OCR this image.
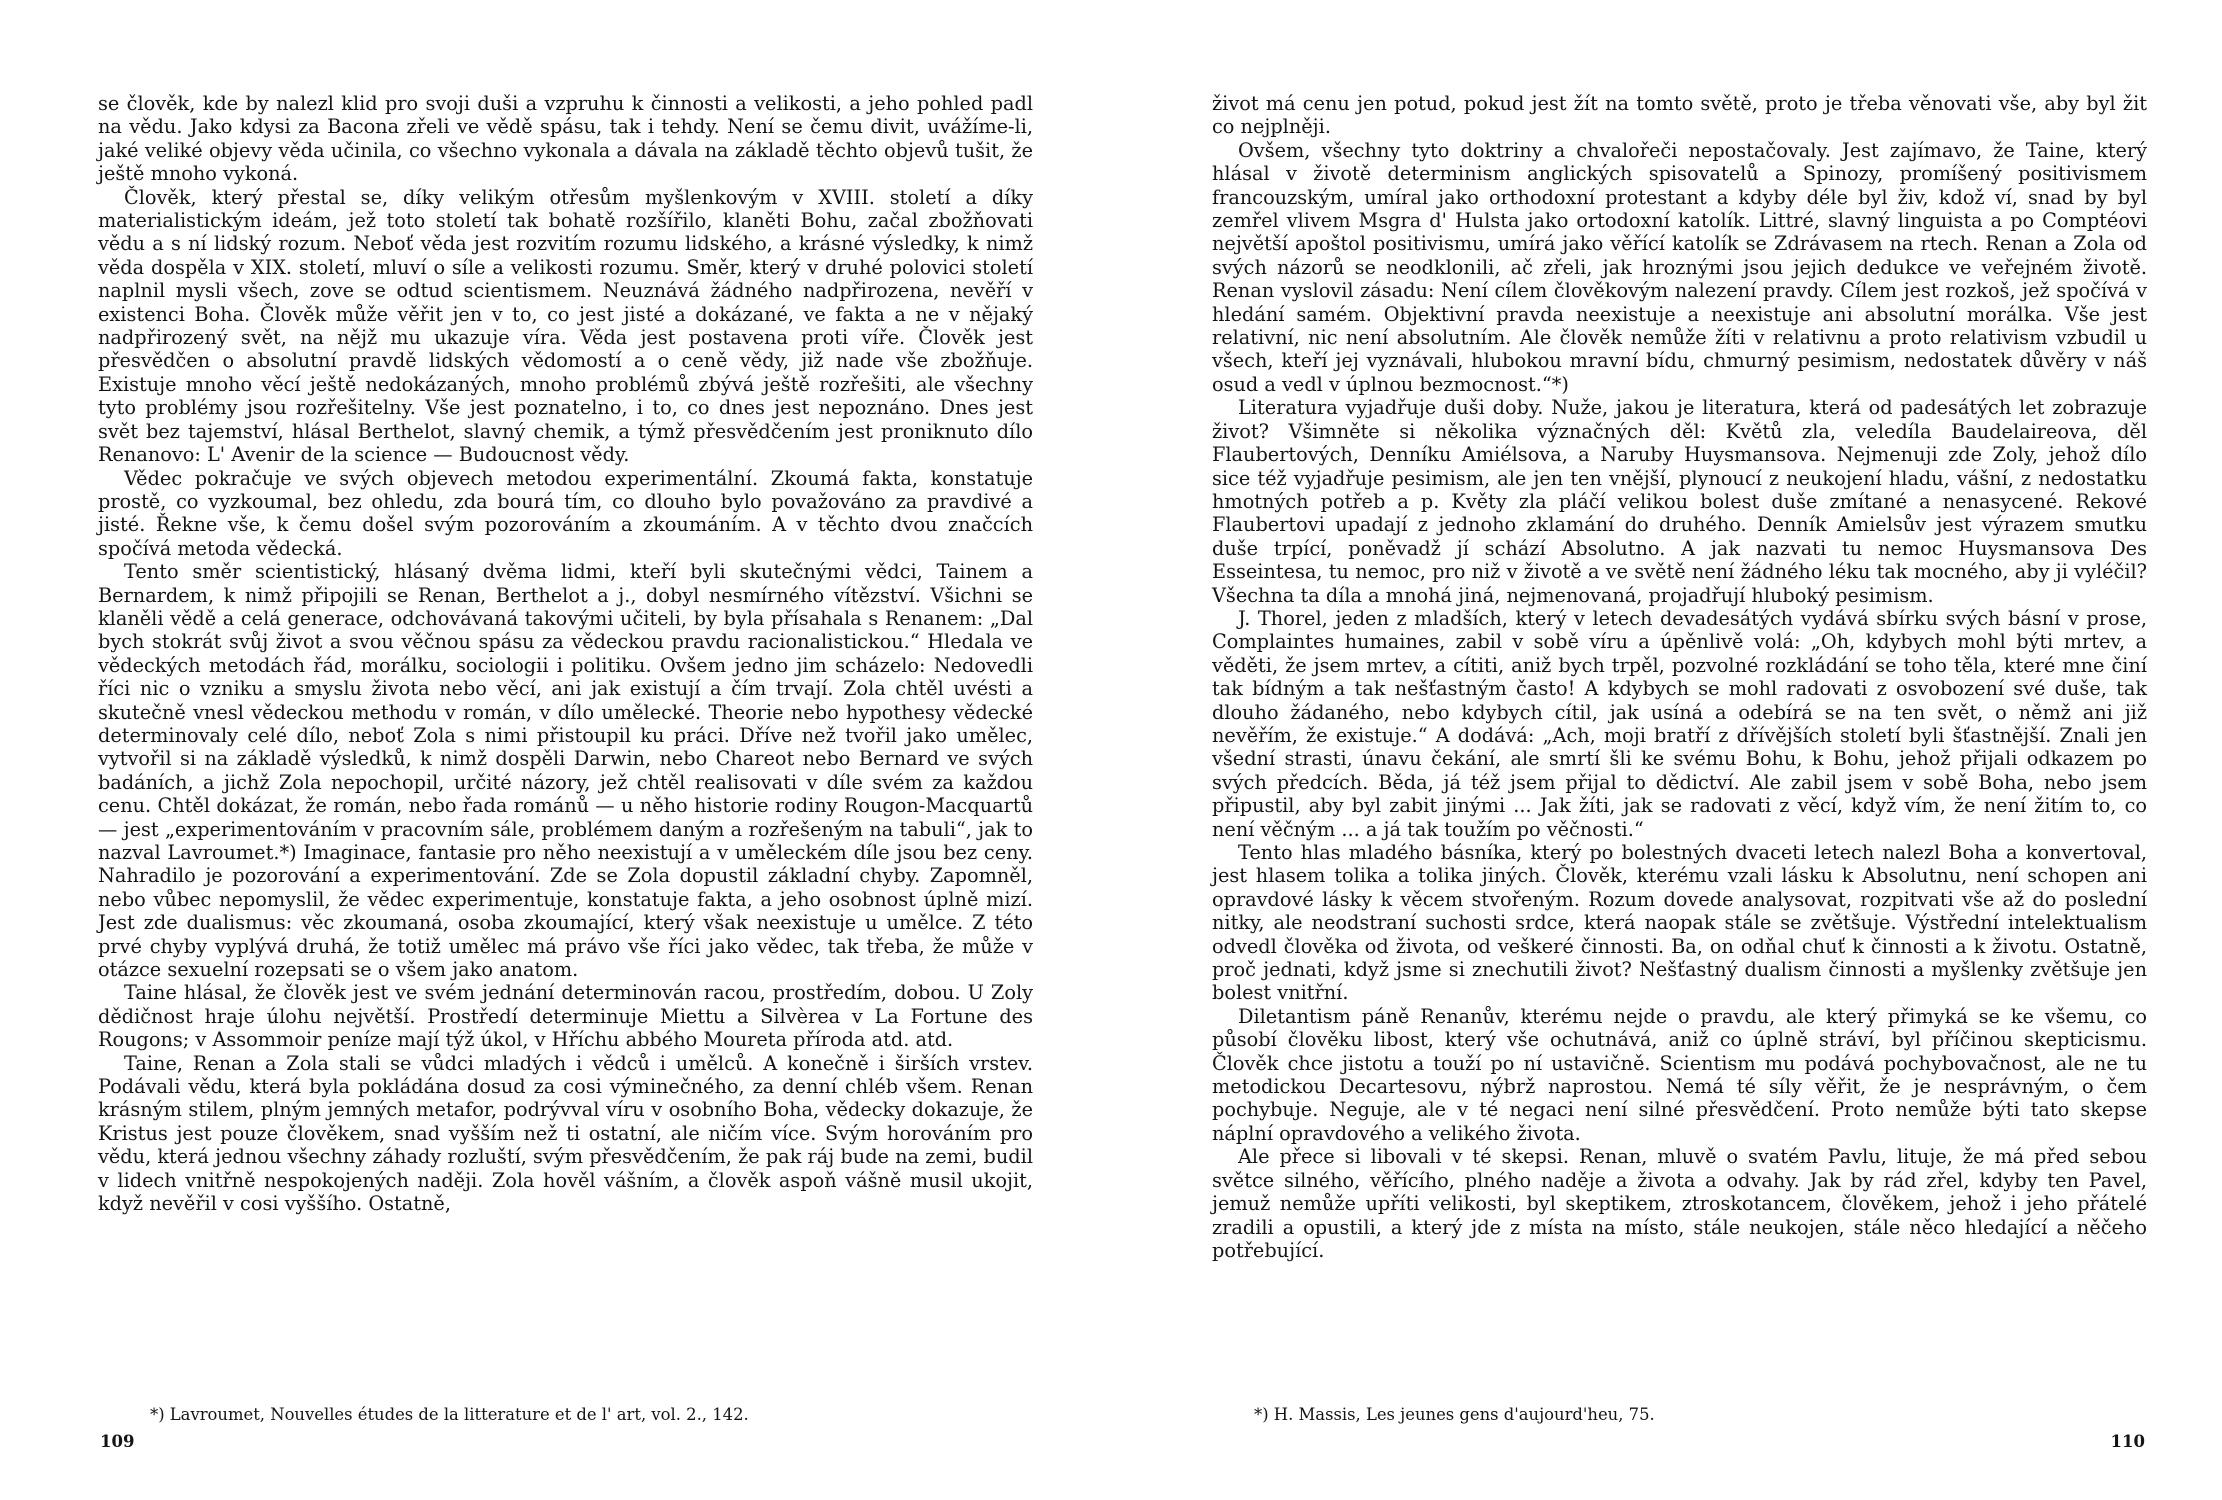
se člověk, kde by nalezl klid pro svoji duši a vzpruhu k činnosti a velikosti, a jeho pohled padl na vědu. Jako kdysi za Bacona zřeli ve vědě spásu, tak i tehdy. Není se čemu divit, uvážíme-li, jaké veliké objevy věda učinila, co všechno vykonala a dávala na základě těchto objevů tušit, že ještě mnoho vykoná.

Člověk, který přestal se, díky velikým otřesům myšlenkovým v XVIII. století a díky materialistickým ideám, jež toto století tak bohatě rozšířilo, klaněti Bohu, začal zbožňovati vědu a s ní lidský rozum. Neboť věda jest rozvitím rozumu lidského, a krásné výsledky, k nimž věda dospěla v XIX. století, mluví o síle a velikosti rozumu. Směr, který v druhé polovici století naplnil mysli všech, zove se odtud scientismem. Neuznává žádného nadpřirozena, nevěří v existenci Boha. Člověk může věřit jen v to, co jest jisté a dokázané, ve fakta a ne v nějaký nadpřirozený svět, na nějž mu ukazuje víra. Věda jest postavena proti víře. Člověk jest přesvědčen o absolutní pravdě lidských vědomostí a o ceně vědy, již nade vše zbožňuje. Existuje mnoho věcí ještě nedokázaných, mnoho problémů zbývá ještě rozřešiti, ale všechny tyto problémy jsou rozřešitelny. Vše jest poznatelno, i to, co dnes jest nepoznáno. Dnes jest svět bez tajemství, hlásal Berthelot, slavný chemik, a týmž přesvědčením jest proniknuto dílo Renanovo: L' Avenir de la science — Budoucnost vědy.

Vědec pokračuje ve svých objevech metodou experimentální. Zkoumá fakta, konstatuje prostě, co vyzkoumal, bez ohledu, zda bourá tím, co dlouho bylo považováno za pravdivé a jisté. Řekne vše, k čemu došel svým pozorováním a zkoumáním. A v těchto dvou značcích spočívá metoda vědecká.

Tento směr scientistický, hlásaný dvěma lidmi, kteří byli skutečnými vědci, Tainem a Bernardem, k nimž připojili se Renan, Berthelot a j., dobyl nesmírného vítězství. Všichni se klaněli vědě a celá generace, odchovávaná takovými učiteli, by byla přísahala s Renanem: „Dal bych stokrát svůj život a svou věčnou spásu za vědeckou pravdu racionalistickou.“ Hledala ve vědeckých metodách řád, morálku, sociologii i politiku. Ovšem jedno jim scházelo: Nedovedli říci nic o vzniku a smyslu života nebo věcí, ani jak existují a čím trvají. Zola chtěl uvésti a skutečně vnesl vědeckou methodu v román, v dílo umělecké. Theorie nebo hypothesy vědecké determinovaly celé dílo, neboť Zola s nimi přistoupil ku práci. Dříve než tvořil jako umělec, vytvořil si na základě výsledků, k nimž dospěli Darwin, nebo Chareot nebo Bernard ve svých badáních, a jichž Zola nepochopil, určité názory, jež chtěl realisovati v díle svém za každou cenu. Chtěl dokázat, že román, nebo řada románů — u něho historie rodiny Rougon-Macquartů — jest „experimentováním v pracovním sále, problémem daným a rozřešeným na tabuli“, jak to nazval Lavroumet.*) Imaginace, fantasie pro něho neexistují a v uměleckém díle jsou bez ceny. Nahradilo je pozorování a experimentování. Zde se Zola dopustil základní chyby. Zapomněl, nebo vůbec nepomyslil, že vědec experimentuje, konstatuje fakta, a jeho osobnost úplně mizí. Jest zde dualismus: věc zkoumaná, osoba zkoumající, který však neexistuje u umělce. Z této prvé chyby vyplývá druhá, že totiž umělec má právo vše říci jako vědec, tak třeba, že může v otázce sexuelní rozepsati se o všem jako anatom.

Taine hlásal, že člověk jest ve svém jednání determinován racou, prostředím, dobou. U Zoly dědičnost hraje úlohu největší. Prostředí determinuje Miettu a Silvèrea v La Fortune des Rougons; v Assommoir peníze mají týž úkol, v Hříchu abbého Moureta příroda atd. atd.

Taine, Renan a Zola stali se vůdci mladých i vědců i umělců. A konečně i širších vrstev. Podávali vědu, která byla pokládána dosud za cosi výminečného, za denní chléb všem. Renan krásným stilem, plným jemných metafor, podrývval víru v osobního Boha, vědecky dokazuje, že Kristus jest pouze člověkem, snad vyšším než ti ostatní, ale ničím více. Svým horováním pro vědu, která jednou všechny záhady rozluští, svým přesvědčením, že pak ráj bude na zemi, budil v lidech vnitřně nespokojených naději. Zola hověl vášním, a člověk aspoň vášně musil ukojit, když nevěřil v cosi vyššího. Ostatně,

*) Lavroumet, Nouvelles études de la litterature et de l' art, vol. 2., 142.
109

život má cenu jen potud, pokud jest žít na tomto světě, proto je třeba věnovati vše, aby byl žit co nejplněji.

Ovšem, všechny tyto doktriny a chvalořeči nepostačovaly. Jest zajímavo, že Taine, který hlásal v životě determinism anglických spisovatelů a Spinozy, promíšený positivismem francouzským, umíral jako orthodoxní protestant a kdyby déle byl živ, kdož ví, snad by byl zemřel vlivem Msgra d' Hulsta jako ortodoxní katolík. Littré, slavný linguista a po Comptéovi největší apoštol positivismu, umírá jako věřící katolík se Zdrávasem na rtech. Renan a Zola od svých názorů se neodklonili, ač zřeli, jak hroznými jsou jejich dedukce ve veřejném životě. Renan vyslovil zásadu: Není cílem člověkovým nalezení pravdy. Cílem jest rozkoš, jež spočívá v hledání samém. Objektivní pravda neexistuje a neexistuje ani absolutní morálka. Vše jest relativní, nic není absolutním. Ale člověk nemůže žíti v relativnu a proto relativism vzbudil u všech, kteří jej vyznávali, hlubokou mravní bídu, chmurný pesimism, nedostatek důvěry v náš osud a vedl v úplnou bezmocnost.“*)

Literatura vyjadřuje duši doby. Nuže, jakou je literatura, která od padesátých let zobrazuje život? Všimněte si několika význačných děl: Květů zla, veledíla Baudelaireova, děl Flaubertových, Denníku Amiélsova, a Naruby Huysmansova. Nejmenuji zde Zoly, jehož dílo sice též vyjadřuje pesimism, ale jen ten vnější, plynoucí z neukojení hladu, vášní, z nedostatku hmotných potřeb a p. Květy zla pláčí velikou bolest duše zmítané a nenasycené. Rekové Flaubertovi upadají z jednoho zklamání do druhého. Denník Amielsův jest výrazem smutku duše trpící, poněvadž jí schází Absolutno. A jak nazvati tu nemoc Huysmansova Des Esseintesa, tu nemoc, pro niž v životě a ve světě není žádného léku tak mocného, aby ji vyléčil? Všechna ta díla a mnohá jiná, nejmenovaná, projadřují hluboký pesimism.

J. Thorel, jeden z mladších, který v letech devadesátých vydává sbírku svých básní v prose, Complaintes humaines, zabil v sobě víru a úpěnlivě volá: „Oh, kdybych mohl býti mrtev, a věděti, že jsem mrtev, a cítiti, aniž bych trpěl, pozvolné rozkládání se toho těla, které mne činí tak bídným a tak nešťastným často! A kdybych se mohl radovati z osvobození své duše, tak dlouho žádaného, nebo kdybych cítil, jak usíná a odebírá se na ten svět, o němž ani již nevěřím, že existuje.“ A dodává: „Ach, moji bratří z dřívějších století byli šťastnější. Znali jen všední strasti, únavu čekání, ale smrtí šli ke svému Bohu, k Bohu, jehož přijali odkazem po svých předcích. Běda, já též jsem přijal to dědictví. Ale zabil jsem v sobě Boha, nebo jsem připustil, aby byl zabit jinými ... Jak žíti, jak se radovati z věcí, když vím, že není žitím to, co není věčným ... a já tak toužím po věčnosti.“

Tento hlas mladého básníka, který po bolestných dvaceti letech nalezl Boha a konvertoval, jest hlasem tolika a tolika jiných. Člověk, kterému vzali lásku k Absolutnu, není schopen ani opravdové lásky k věcem stvořeným. Rozum dovede analysovat, rozpitvati vše až do poslední nitky, ale neodstraní suchosti srdce, která naopak stále se zvětšuje. Výstřední intelektualism odvedl člověka od života, od veškeré činnosti. Ba, on odňal chuť k činnosti a k životu. Ostatně, proč jednati, když jsme si znechutili život? Nešťastný dualism činnosti a myšlenky zvětšuje jen bolest vnitřní.

Diletantism páně Renanův, kterému nejde o pravdu, ale který přimyká se ke všemu, co působí člověku libost, který vše ochutnává, aniž co úplně stráví, byl příčinou skepticismu. Člověk chce jistotu a touží po ní ustavičně. Scientism mu podává pochybovačnost, ale ne tu metodickou Decartesovu, nýbrž naprostou. Nemá té síly věřit, že je nesprávným, o čem pochybuje. Neguje, ale v té negaci není silné přesvědčení. Proto nemůže býti tato skepse náplní opravdového a velikého života.

Ale přece si libovali v té skepsi. Renan, mluvě o svatém Pavlu, lituje, že má před sebou světce silného, věřícího, plného naděje a života a odvahy. Jak by rád zřel, kdyby ten Pavel, jemuž nemůže upříti velikosti, byl skeptikem, ztroskotancem, člověkem, jehož i jeho přátelé zradili a opustili, a který jde z místa na místo, stále neukojen, stále něco hledající a něčeho potřebující.

*) H. Massis, Les jeunes gens d'aujourd'heu, 75.
110
